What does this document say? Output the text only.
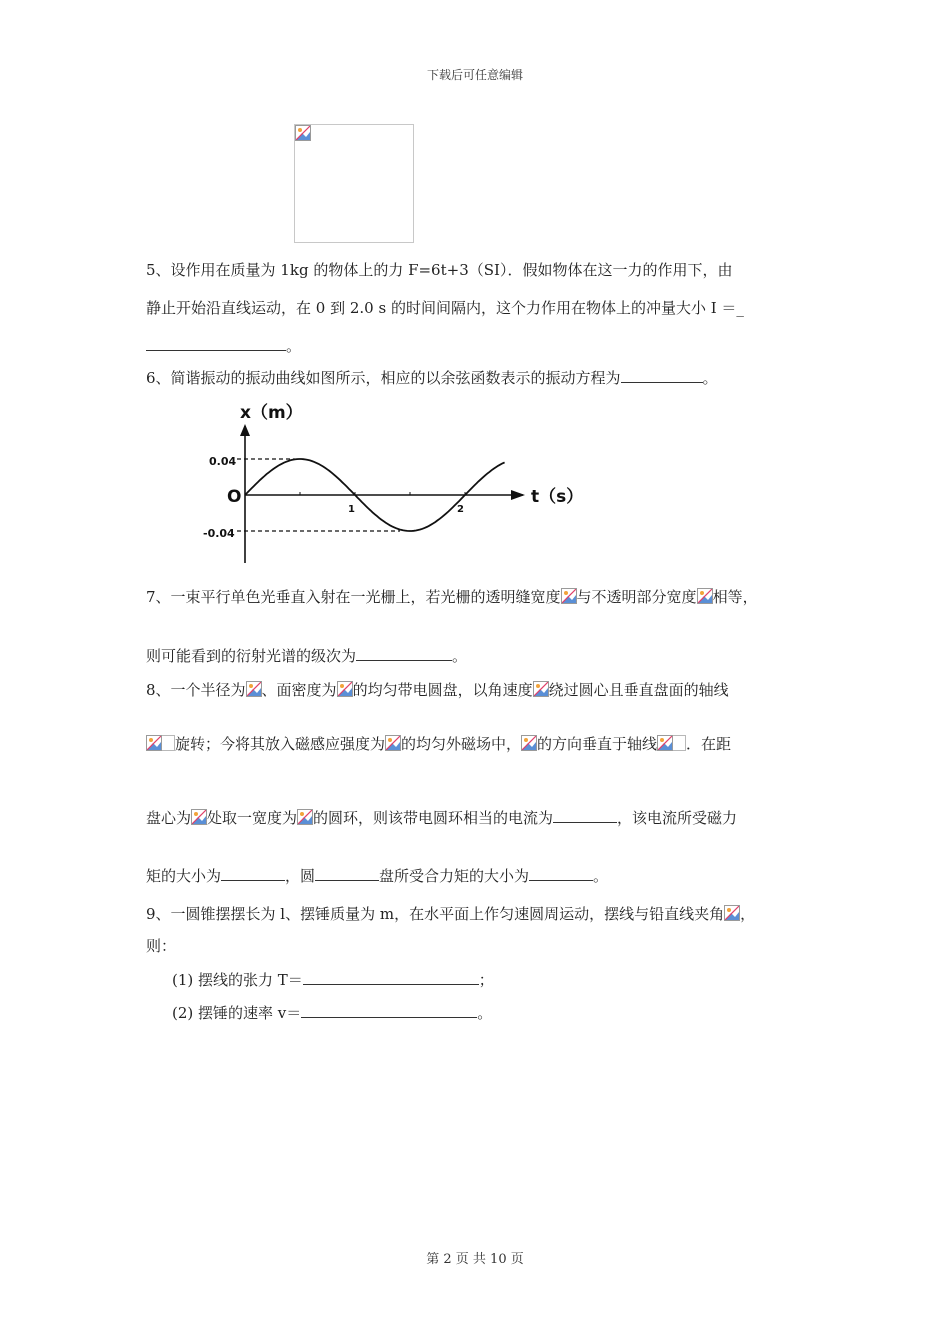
下载后可任意编辑
5、设作用在质量为 1kg 的物体上的力 F=6t+3（SI）．假如物体在这一力的作用下，由
静止开始沿直线运动，在 0 到 2.0 s 的时间间隔内，这个力作用在物体上的冲量大小 I ＝_
。
6、简谐振动的振动曲线如图所示，相应的以余弦函数表示的振动方程为	。
x（m）
t（s）
O
0.04
-0.04
1	2
7、一束平行单色光垂直入射在一光栅上，若光栅的透明缝宽度 与不透明部分宽度 相等，
则可能看到的衍射光谱的级次为	。
8、一个半径为 、面密度为 的均匀带电圆盘，以角速度 绕过圆心且垂直盘面的轴线
旋转；今将其放入磁感应强度为 的均匀外磁场中， 的方向垂直于轴线 ．在距
盘心为 处取一宽度为 的圆环，则该带电圆环相当的电流为	，该电流所受磁力
矩的大小为	，圆	盘所受合力矩的大小为	。
9、一圆锥摆摆长为 l、摆锤质量为 m，在水平面上作匀速圆周运动，摆线与铅直线夹角 ，
则：
(1) 摆线的张力 T＝	；
(2) 摆锤的速率 v＝	。
第 2 页 共 10 页
